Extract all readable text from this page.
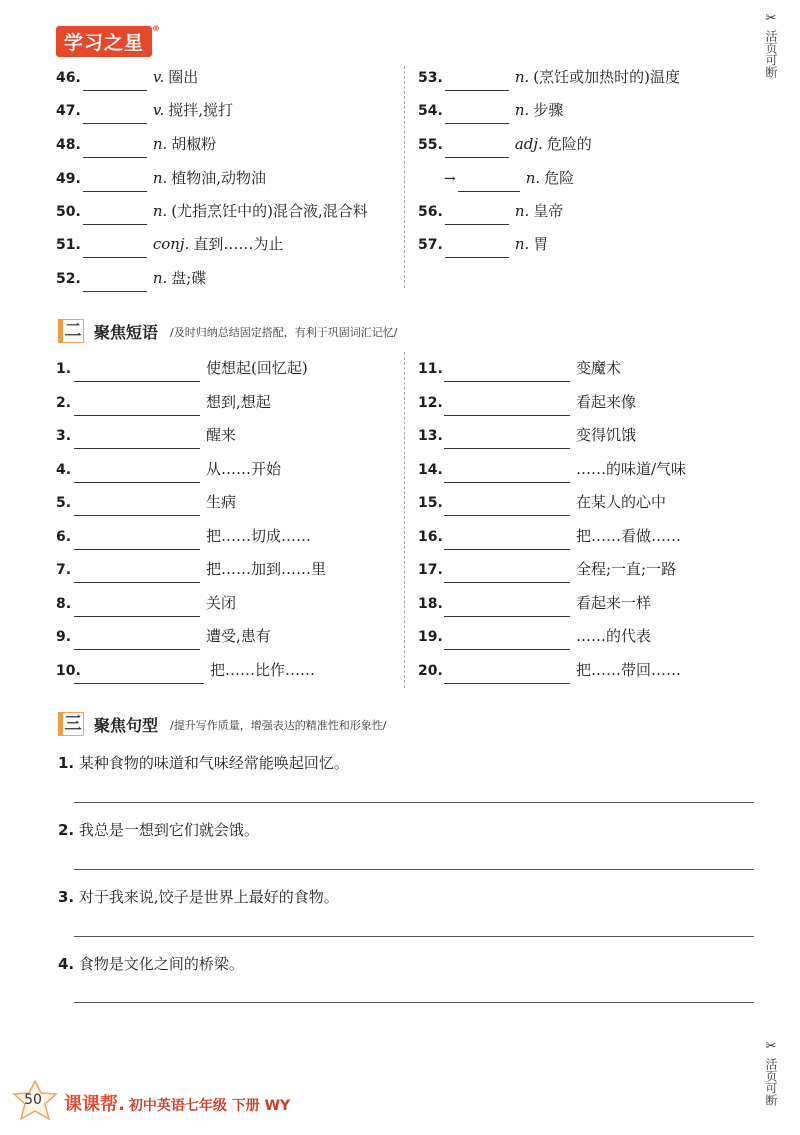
学习之星
®
✂
活页可断
✂
活页可断
46.	v. 圈出
47.	v. 搅拌,搅打
48.	n. 胡椒粉
49.	n. 植物油,动物油
50.	n. (尤指烹饪中的)混合液,混合料
51.	conj. 直到……为止
52.	n. 盘;碟
53.	n. (烹饪或加热时的)温度
54.	n. 步骤
55.	adj. 危险的
→	n. 危险
56.	n. 皇帝
57.	n. 胃
二 聚焦短语 /及时归纳总结固定搭配，有利于巩固词汇记忆/
1.	使想起(回忆起)
2.	想到,想起
3.	醒来
4.	从……开始
5.	生病
6.	把……切成……
7.	把……加到……里
8.	关闭
9.	遭受,患有
10.	把……比作……
11.	变魔术
12.	看起来像
13.	变得饥饿
14.	……的味道/气味
15.	在某人的心中
16.	把……看做……
17.	全程;一直;一路
18.	看起来一样
19.	……的代表
20.	把……带回……
三 聚焦句型 /提升写作质量，增强表达的精准性和形象性/
1. 某种食物的味道和气味经常能唤起回忆。
2. 我总是一想到它们就会饿。
3. 对于我来说,饺子是世界上最好的食物。
4. 食物是文化之间的桥梁。
50	课课帮. 初中英语七年级 下册 WY
